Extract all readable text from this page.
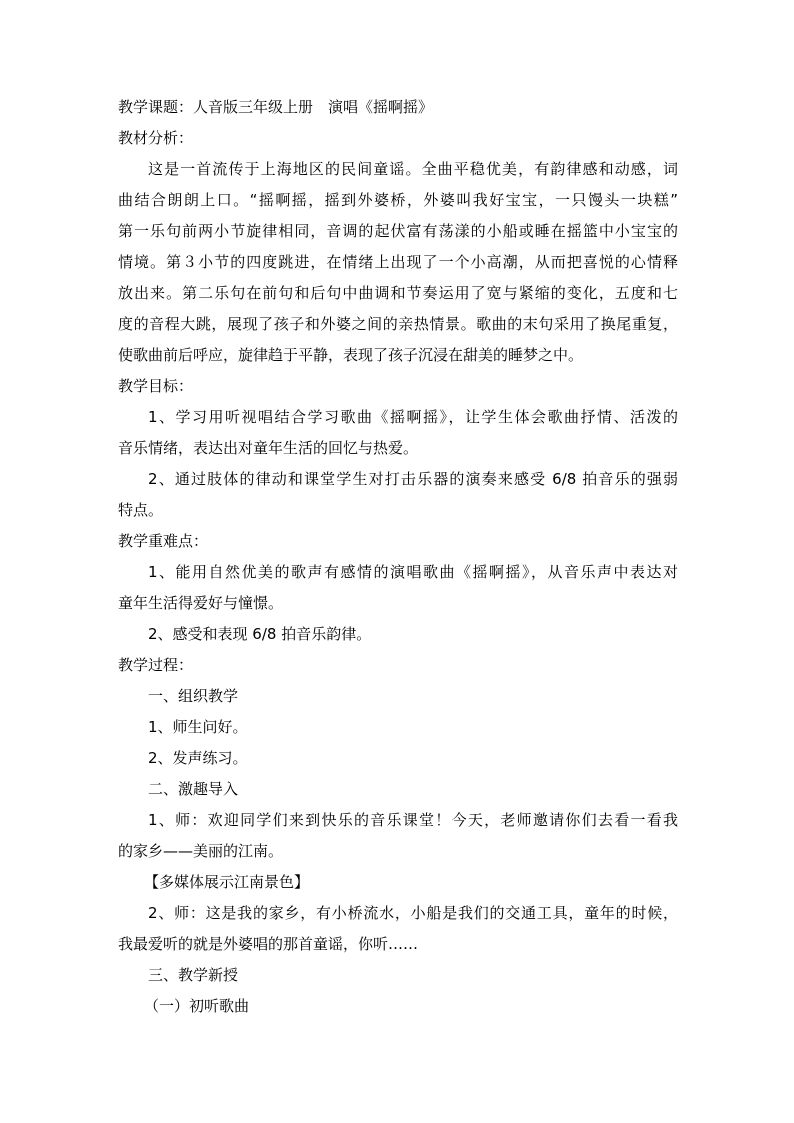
教学课题：人音版三年级上册　演唱《摇啊摇》

教材分析：

这是一首流传于上海地区的民间童谣。全曲平稳优美，有韵律感和动感，词

曲结合朗朗上口。“摇啊摇，摇到外婆桥，外婆叫我好宝宝，一只馒头一块糕”

第一乐句前两小节旋律相同，音调的起伏富有荡漾的小船或睡在摇篮中小宝宝的

情境。第３小节的四度跳进，在情绪上出现了一个小高潮，从而把喜悦的心情释

放出来。第二乐句在前句和后句中曲调和节奏运用了宽与紧缩的变化，五度和七

度的音程大跳，展现了孩子和外婆之间的亲热情景。歌曲的末句采用了换尾重复，

使歌曲前后呼应，旋律趋于平静，表现了孩子沉浸在甜美的睡梦之中。

教学目标：

1、学习用听视唱结合学习歌曲《摇啊摇》，让学生体会歌曲抒情、活泼的

音乐情绪，表达出对童年生活的回忆与热爱。

2、通过肢体的律动和课堂学生对打击乐器的演奏来感受 6/8 拍音乐的强弱

特点。

教学重难点：

1、能用自然优美的歌声有感情的演唱歌曲《摇啊摇》，从音乐声中表达对

童年生活得爱好与憧憬。

2、感受和表现 6/8 拍音乐韵律。

教学过程：

一、组织教学

1、师生问好。

2、发声练习。

二、激趣导入

1、师：欢迎同学们来到快乐的音乐课堂！今天，老师邀请你们去看一看我

的家乡——美丽的江南。

【多媒体展示江南景色】

2、师：这是我的家乡，有小桥流水，小船是我们的交通工具，童年的时候，

我最爱听的就是外婆唱的那首童谣，你听……

三、教学新授

（一）初听歌曲
